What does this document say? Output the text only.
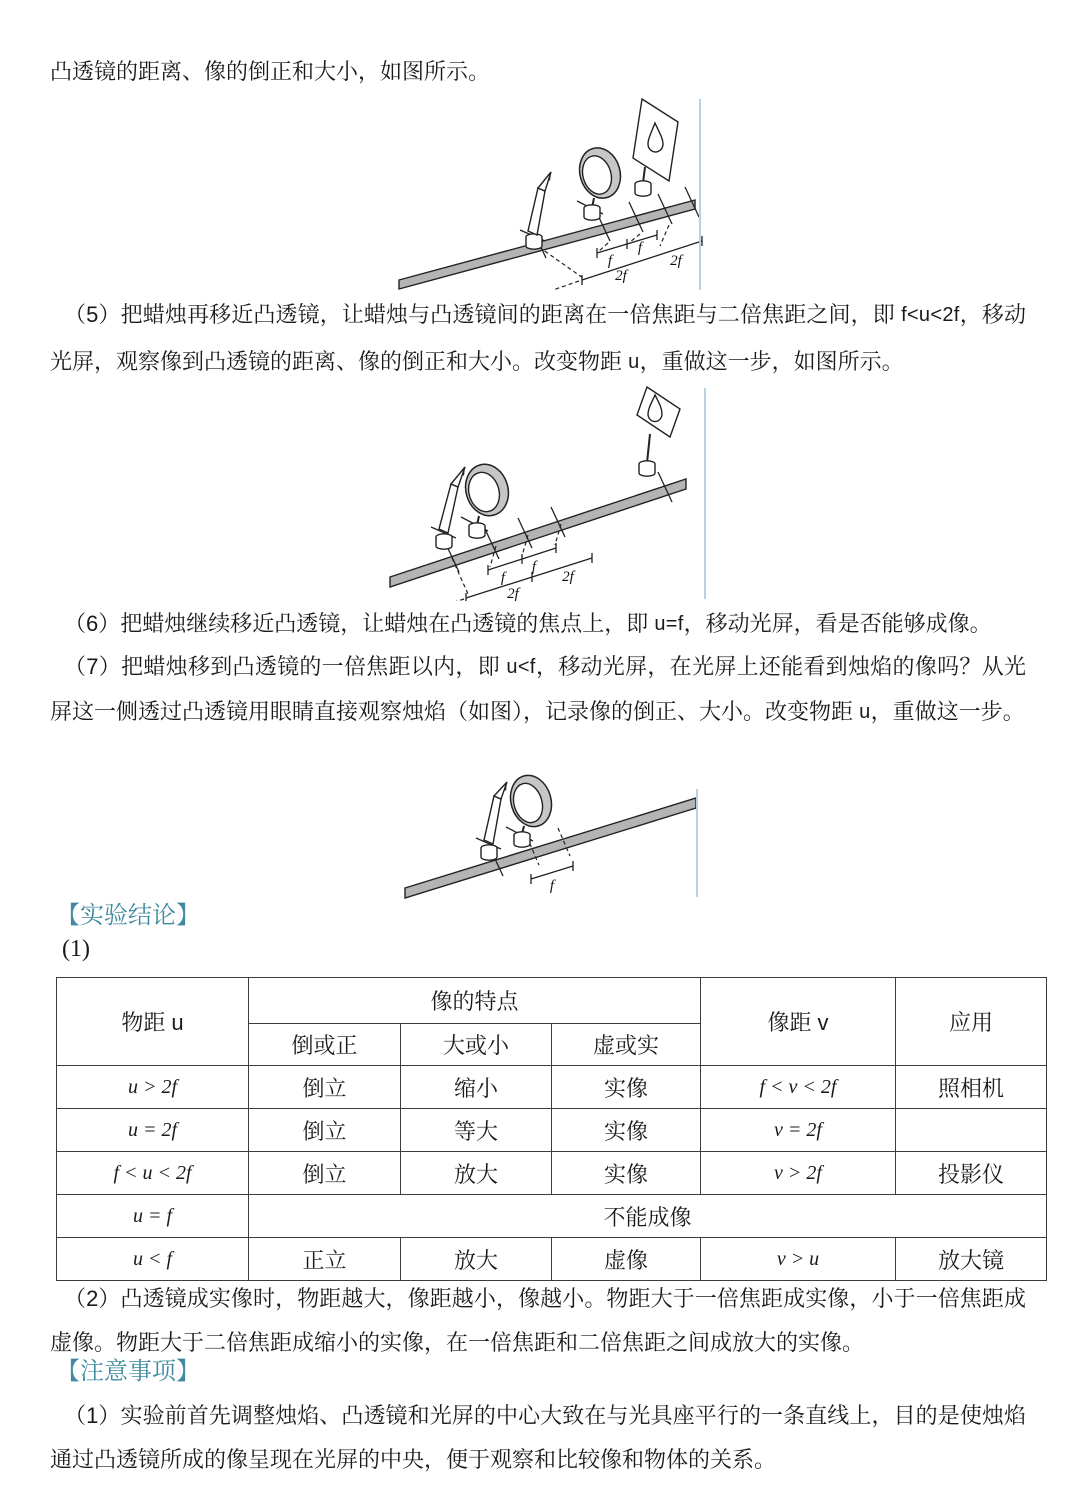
凸透镜的距离、像的倒正和大小，如图所示。

f
f
2f
2f

（5）把蜡烛再移近凸透镜，让蜡烛与凸透镜间的距离在一倍焦距与二倍焦距之间，即 f<u<2f，移动光屏，观察像到凸透镜的距离、像的倒正和大小。改变物距 u，重做这一步，如图所示。

f
f
2f
2f

（6）把蜡烛继续移近凸透镜，让蜡烛在凸透镜的焦点上，即 u=f，移动光屏，看是否能够成像。

（7）把蜡烛移到凸透镜的一倍焦距以内，即 u<f，移动光屏，在光屏上还能看到烛焰的像吗？从光屏这一侧透过凸透镜用眼睛直接观察烛焰（如图），记录像的倒正、大小。改变物距 u，重做这一步。

f
【实验结论】

(1)

物距 u	像的特点			像距 v	应用
	倒或正	大或小	虚或实		
u > 2f	倒立	缩小	实像	f < v < 2f	照相机
u = 2f	倒立	等大	实像	v = 2f	
f < u < 2f	倒立	放大	实像	v > 2f	投影仪
u = f	不能成像				
u < f	正立	放大	虚像	v > u	放大镜

（2）凸透镜成实像时，物距越大，像距越小，像越小。物距大于一倍焦距成实像，小于一倍焦距成虚像。物距大于二倍焦距成缩小的实像，在一倍焦距和二倍焦距之间成放大的实像。

【注意事项】

（1）实验前首先调整烛焰、凸透镜和光屏的中心大致在与光具座平行的一条直线上，目的是使烛焰通过凸透镜所成的像呈现在光屏的中央，便于观察和比较像和物体的关系。
